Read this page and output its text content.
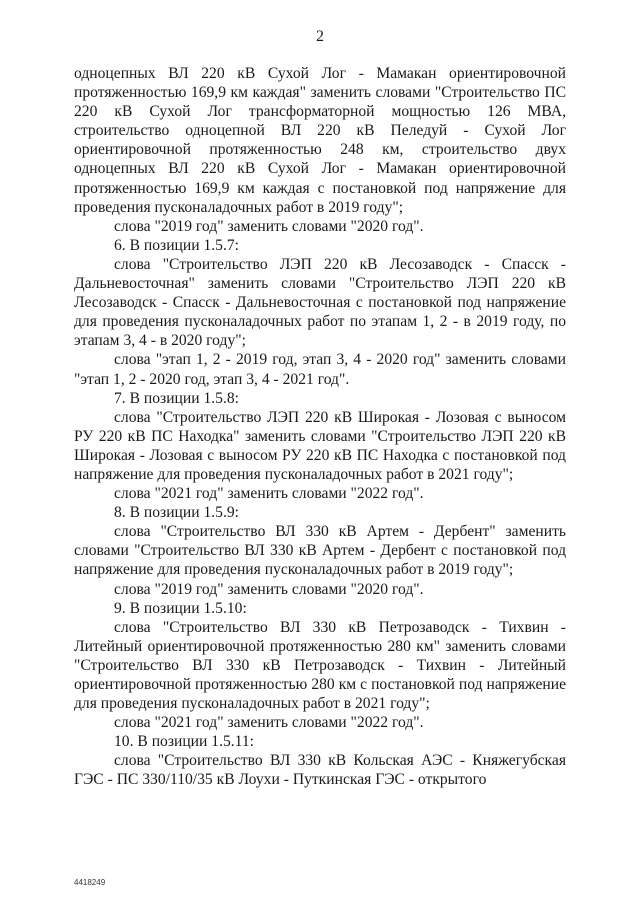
2

одноцепных ВЛ 220 кВ Сухой Лог - Мамакан ориентировочной протяженностью 169,9 км каждая" заменить словами "Строительство ПС 220 кВ Сухой Лог трансформаторной мощностью 126 МВА, строительство одноцепной ВЛ 220 кВ Пеледуй - Сухой Лог ориентировочной протяженностью 248 км, строительство двух одноцепных ВЛ 220 кВ Сухой Лог - Мамакан ориентировочной протяженностью 169,9 км каждая с постановкой под напряжение для проведения пусконаладочных работ в 2019 году";

слова "2019 год" заменить словами "2020 год".

6. В позиции 1.5.7:

слова "Строительство ЛЭП 220 кВ Лесозаводск - Спасск - Дальневосточная" заменить словами "Строительство ЛЭП 220 кВ Лесозаводск - Спасск - Дальневосточная с постановкой под напряжение для проведения пусконаладочных работ по этапам 1, 2 - в 2019 году, по этапам 3, 4 - в 2020 году";

слова "этап 1, 2 - 2019 год, этап 3, 4 - 2020 год" заменить словами "этап 1, 2 - 2020 год, этап 3, 4 - 2021 год".

7. В позиции 1.5.8:

слова "Строительство ЛЭП 220 кВ Широкая - Лозовая с выносом РУ 220 кВ ПС Находка" заменить словами "Строительство ЛЭП 220 кВ Широкая - Лозовая с выносом РУ 220 кВ ПС Находка с постановкой под напряжение для проведения пусконаладочных работ в 2021 году";

слова "2021 год" заменить словами "2022 год".

8. В позиции 1.5.9:

слова "Строительство ВЛ 330 кВ Артем - Дербент" заменить словами "Строительство ВЛ 330 кВ Артем - Дербент с постановкой под напряжение для проведения пусконаладочных работ в 2019 году";

слова "2019 год" заменить словами "2020 год".

9. В позиции 1.5.10:

слова "Строительство ВЛ 330 кВ Петрозаводск - Тихвин - Литейный ориентировочной протяженностью 280 км" заменить словами "Строительство ВЛ 330 кВ Петрозаводск - Тихвин - Литейный ориентировочной протяженностью 280 км с постановкой под напряжение для проведения пусконаладочных работ в 2021 году";

слова "2021 год" заменить словами "2022 год".

10. В позиции 1.5.11:

слова "Строительство ВЛ 330 кВ Кольская АЭС - Княжегубская ГЭС - ПС 330/110/35 кВ Лоухи - Путкинская ГЭС - открытого

4418249
